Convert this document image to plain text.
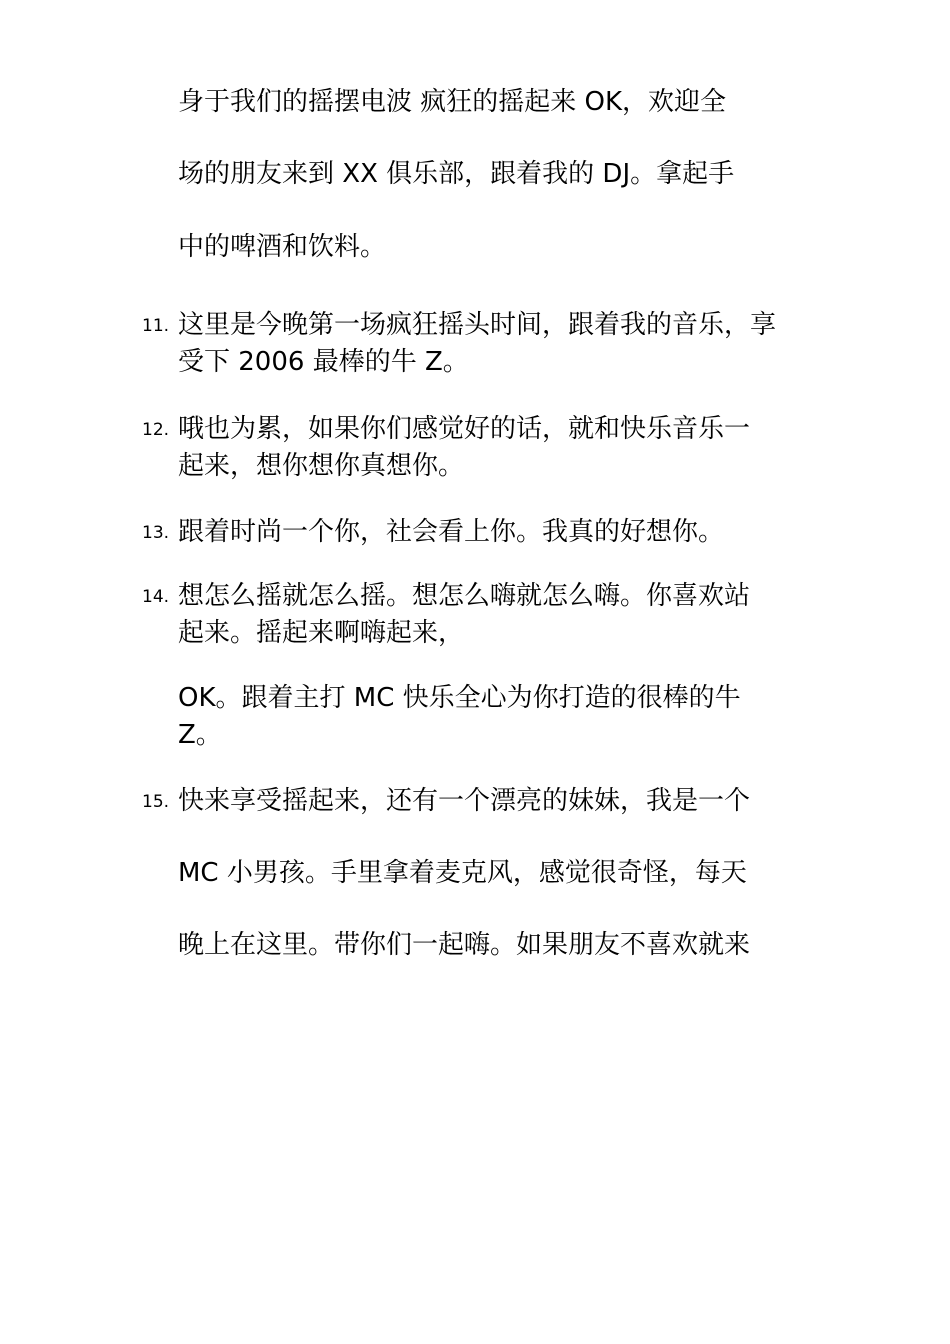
身于我们的摇摆电波 疯狂的摇起来 OK，欢迎全
场的朋友来到 XX 俱乐部，跟着我的 DJ。拿起手
中的啤酒和饮料。
11. 这里是今晚第一场疯狂摇头时间，跟着我的音乐，享
受下 2006 最棒的牛 Z。
12. 哦也为累，如果你们感觉好的话，就和快乐音乐一
起来，想你想你真想你。
13. 跟着时尚一个你，社会看上你。我真的好想你。
14. 想怎么摇就怎么摇。想怎么嗨就怎么嗨。你喜欢站
起来。摇起来啊嗨起来，
OK。跟着主打 MC 快乐全心为你打造的很棒的牛
Z。
15. 快来享受摇起来，还有一个漂亮的妹妹，我是一个
MC 小男孩。手里拿着麦克风，感觉很奇怪，每天
晚上在这里。带你们一起嗨。如果朋友不喜欢就来
